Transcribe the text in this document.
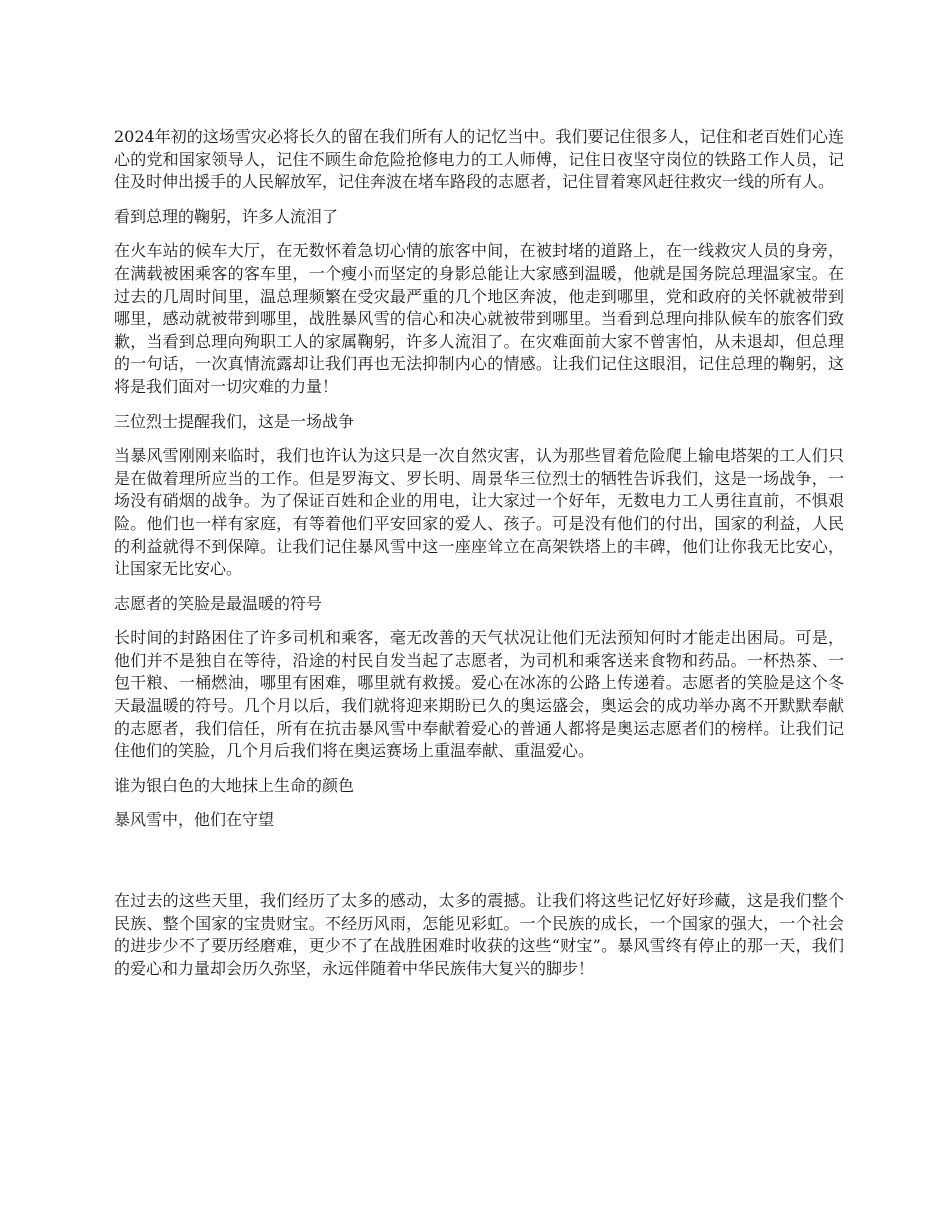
2024年初的这场雪灾必将长久的留在我们所有人的记忆当中。我们要记住很多人，记住和老百姓们心连心的党和国家领导人，记住不顾生命危险抢修电力的工人师傅，记住日夜坚守岗位的铁路工作人员，记住及时伸出援手的人民解放军，记住奔波在堵车路段的志愿者，记住冒着寒风赶往救灾一线的所有人。

看到总理的鞠躬，许多人流泪了

在火车站的候车大厅，在无数怀着急切心情的旅客中间，在被封堵的道路上，在一线救灾人员的身旁，在满载被困乘客的客车里，一个瘦小而坚定的身影总能让大家感到温暖，他就是国务院总理温家宝。在过去的几周时间里，温总理频繁在受灾最严重的几个地区奔波，他走到哪里，党和政府的关怀就被带到哪里，感动就被带到哪里，战胜暴风雪的信心和决心就被带到哪里。当看到总理向排队候车的旅客们致歉，当看到总理向殉职工人的家属鞠躬，许多人流泪了。在灾难面前大家不曾害怕，从未退却，但总理的一句话，一次真情流露却让我们再也无法抑制内心的情感。让我们记住这眼泪，记住总理的鞠躬，这将是我们面对一切灾难的力量！

三位烈士提醒我们，这是一场战争

当暴风雪刚刚来临时，我们也许认为这只是一次自然灾害，认为那些冒着危险爬上输电塔架的工人们只是在做着理所应当的工作。但是罗海文、罗长明、周景华三位烈士的牺牲告诉我们，这是一场战争，一场没有硝烟的战争。为了保证百姓和企业的用电，让大家过一个好年，无数电力工人勇往直前，不惧艰险。他们也一样有家庭，有等着他们平安回家的爱人、孩子。可是没有他们的付出，国家的利益，人民的利益就得不到保障。让我们记住暴风雪中这一座座耸立在高架铁塔上的丰碑，他们让你我无比安心，让国家无比安心。

志愿者的笑脸是最温暖的符号

长时间的封路困住了许多司机和乘客，毫无改善的天气状况让他们无法预知何时才能走出困局。可是，他们并不是独自在等待，沿途的村民自发当起了志愿者，为司机和乘客送来食物和药品。一杯热茶、一包干粮、一桶燃油，哪里有困难，哪里就有救援。爱心在冰冻的公路上传递着。志愿者的笑脸是这个冬天最温暖的符号。几个月以后，我们就将迎来期盼已久的奥运盛会，奥运会的成功举办离不开默默奉献的志愿者，我们信任，所有在抗击暴风雪中奉献着爱心的普通人都将是奥运志愿者们的榜样。让我们记住他们的笑脸，几个月后我们将在奥运赛场上重温奉献、重温爱心。

谁为银白色的大地抹上生命的颜色

暴风雪中，他们在守望

在过去的这些天里，我们经历了太多的感动，太多的震撼。让我们将这些记忆好好珍藏，这是我们整个民族、整个国家的宝贵财宝。不经历风雨，怎能见彩虹。一个民族的成长，一个国家的强大，一个社会的进步少不了要历经磨难，更少不了在战胜困难时收获的这些“财宝”。暴风雪终有停止的那一天，我们的爱心和力量却会历久弥坚，永远伴随着中华民族伟大复兴的脚步！
